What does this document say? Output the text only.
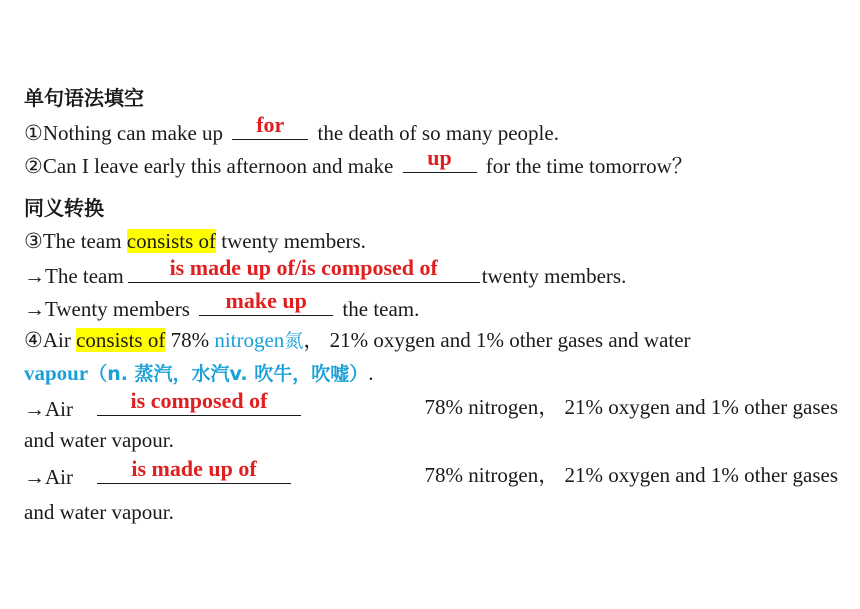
单句语法填空
①Nothing can make up	for	the death of so many people.
②Can I leave early this afternoon and make	up	for the time tomorrow？
同义转换
③The team consists of twenty members.
→The team	is made up of/is composed of	twenty members.
→Twenty members	make up	the team.
④Air consists of 78% nitrogen氮， 21% oxygen and 1% other gases and water
vapour（n. 蒸汽，水汽v. 吹牛，吹嘘）.
→Air	is composed of	78% nitrogen， 21% oxygen and 1% other gases
and water vapour.
→Air	is made up of	78% nitrogen， 21% oxygen and 1% other gases
and water vapour.
